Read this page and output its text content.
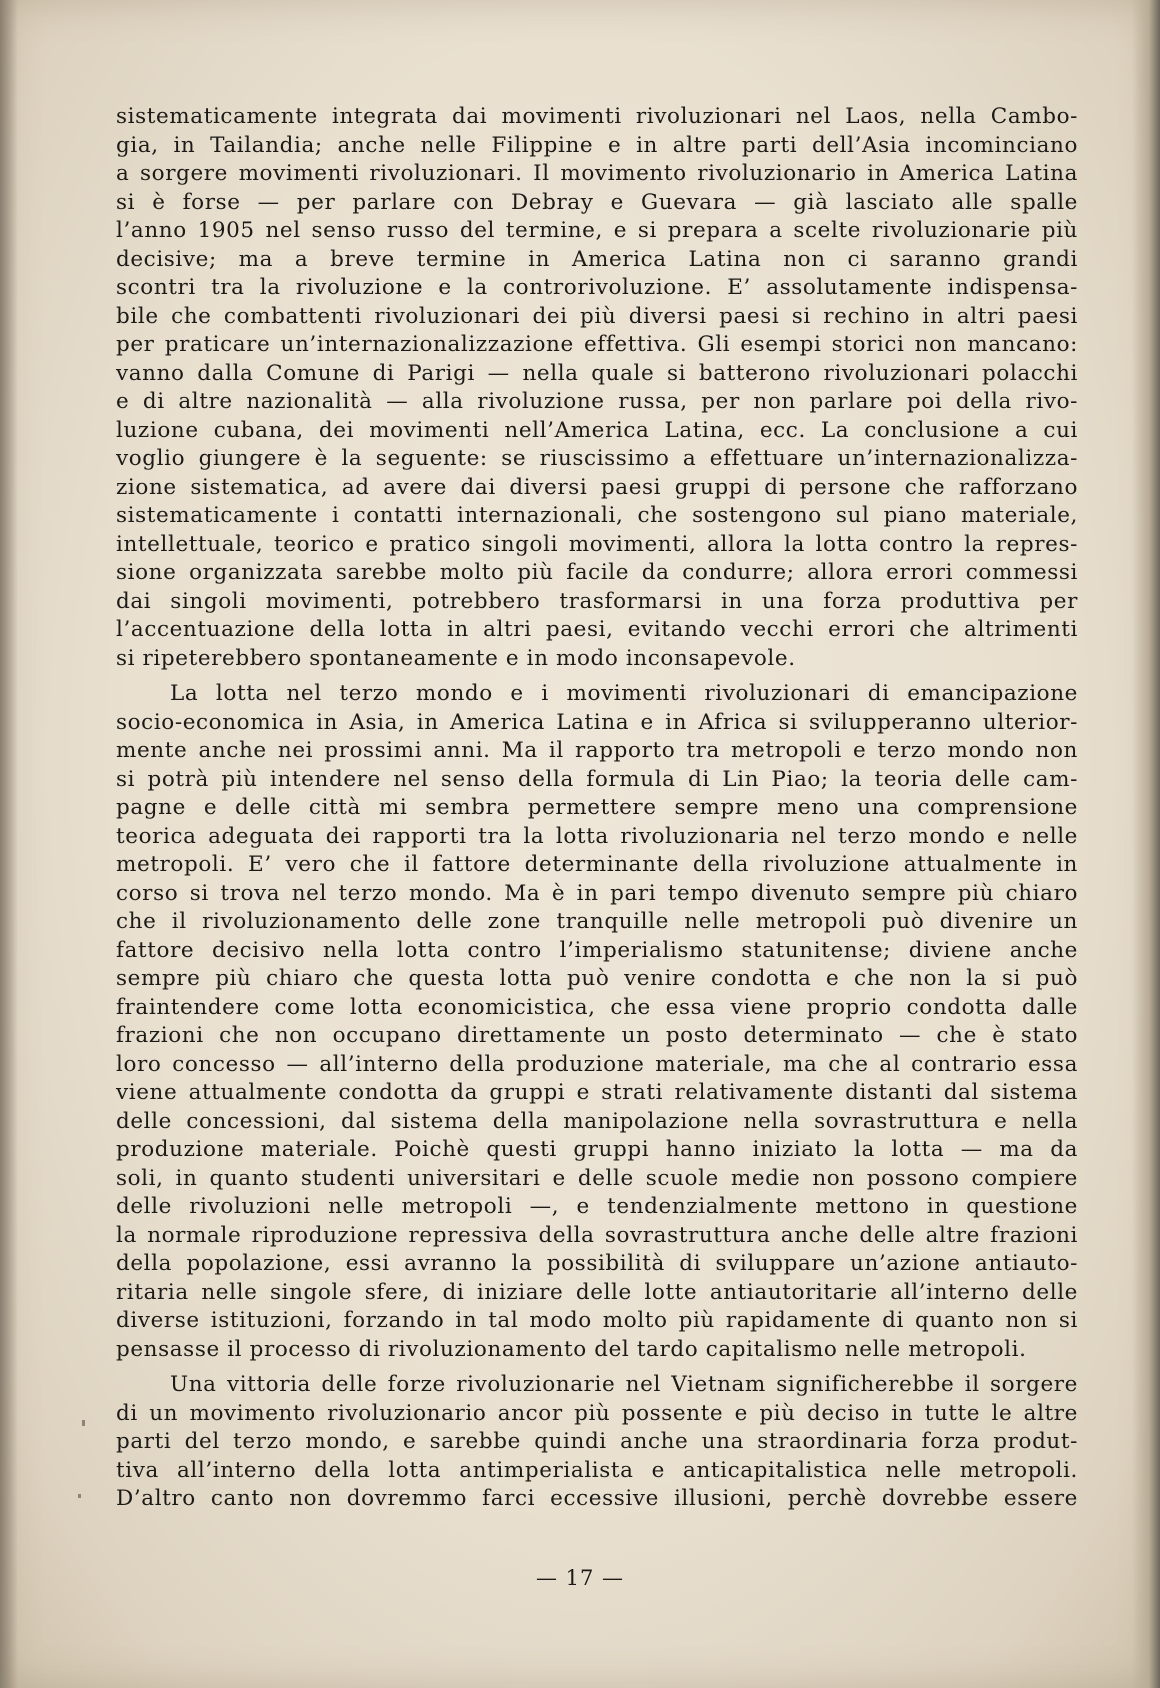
sistematicamente integrata dai movimenti rivoluzionari nel Laos, nella Cambo-
gia, in Tailandia; anche nelle Filippine e in altre parti dell’Asia incominciano
a sorgere movimenti rivoluzionari. Il movimento rivoluzionario in America Latina
si è forse — per parlare con Debray e Guevara — già lasciato alle spalle
l’anno 1905 nel senso russo del termine, e si prepara a scelte rivoluzionarie più
decisive; ma a breve termine in America Latina non ci saranno grandi
scontri tra la rivoluzione e la controrivoluzione. E’ assolutamente indispensa-
bile che combattenti rivoluzionari dei più diversi paesi si rechino in altri paesi
per praticare un’internazionalizzazione effettiva. Gli esempi storici non mancano:
vanno dalla Comune di Parigi — nella quale si batterono rivoluzionari polacchi
e di altre nazionalità — alla rivoluzione russa, per non parlare poi della rivo-
luzione cubana, dei movimenti nell’America Latina, ecc. La conclusione a cui
voglio giungere è la seguente: se riuscissimo a effettuare un’internazionalizza-
zione sistematica, ad avere dai diversi paesi gruppi di persone che rafforzano
sistematicamente i contatti internazionali, che sostengono sul piano materiale,
intellettuale, teorico e pratico singoli movimenti, allora la lotta contro la repres-
sione organizzata sarebbe molto più facile da condurre; allora errori commessi
dai singoli movimenti, potrebbero trasformarsi in una forza produttiva per
l’accentuazione della lotta in altri paesi, evitando vecchi errori che altrimenti
si ripeterebbero spontaneamente e in modo inconsapevole.
La lotta nel terzo mondo e i movimenti rivoluzionari di emancipazione
socio-economica in Asia, in America Latina e in Africa si svilupperanno ulterior-
mente anche nei prossimi anni. Ma il rapporto tra metropoli e terzo mondo non
si potrà più intendere nel senso della formula di Lin Piao; la teoria delle cam-
pagne e delle città mi sembra permettere sempre meno una comprensione
teorica adeguata dei rapporti tra la lotta rivoluzionaria nel terzo mondo e nelle
metropoli. E’ vero che il fattore determinante della rivoluzione attualmente in
corso si trova nel terzo mondo. Ma è in pari tempo divenuto sempre più chiaro
che il rivoluzionamento delle zone tranquille nelle metropoli può divenire un
fattore decisivo nella lotta contro l’imperialismo statunitense; diviene anche
sempre più chiaro che questa lotta può venire condotta e che non la si può
fraintendere come lotta economicistica, che essa viene proprio condotta dalle
frazioni che non occupano direttamente un posto determinato — che è stato
loro concesso — all’interno della produzione materiale, ma che al contrario essa
viene attualmente condotta da gruppi e strati relativamente distanti dal sistema
delle concessioni, dal sistema della manipolazione nella sovrastruttura e nella
produzione materiale. Poichè questi gruppi hanno iniziato la lotta — ma da
soli, in quanto studenti universitari e delle scuole medie non possono compiere
delle rivoluzioni nelle metropoli —, e tendenzialmente mettono in questione
la normale riproduzione repressiva della sovrastruttura anche delle altre frazioni
della popolazione, essi avranno la possibilità di sviluppare un’azione antiauto-
ritaria nelle singole sfere, di iniziare delle lotte antiautoritarie all’interno delle
diverse istituzioni, forzando in tal modo molto più rapidamente di quanto non si
pensasse il processo di rivoluzionamento del tardo capitalismo nelle metropoli.
Una vittoria delle forze rivoluzionarie nel Vietnam significherebbe il sorgere
di un movimento rivoluzionario ancor più possente e più deciso in tutte le altre
parti del terzo mondo, e sarebbe quindi anche una straordinaria forza produt-
tiva all’interno della lotta antimperialista e anticapitalistica nelle metropoli.
D’altro canto non dovremmo farci eccessive illusioni, perchè dovrebbe essere
— 17 —
